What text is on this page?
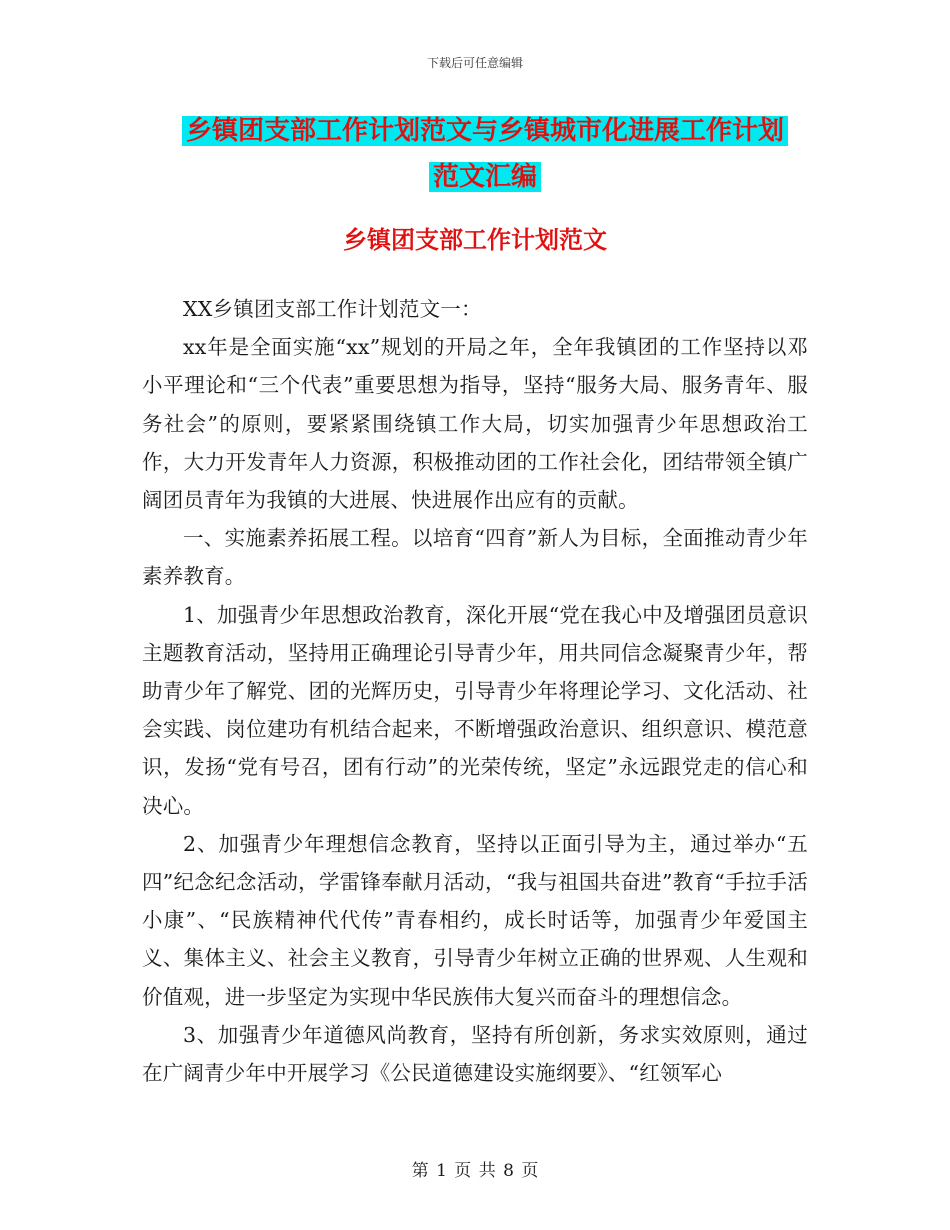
下载后可任意编辑
乡镇团支部工作计划范文与乡镇城市化进展工作计划
范文汇编
乡镇团支部工作计划范文

XX乡镇团支部工作计划范文一：

xx年是全面实施“xx”规划的开局之年，全年我镇团的工作坚持以邓小平理论和“三个代表”重要思想为指导，坚持“服务大局、服务青年、服务社会”的原则，要紧紧围绕镇工作大局，切实加强青少年思想政治工作，大力开发青年人力资源，积极推动团的工作社会化，团结带领全镇广阔团员青年为我镇的大进展、快进展作出应有的贡献。

一、实施素养拓展工程。以培育“四育”新人为目标，全面推动青少年素养教育。

1、加强青少年思想政治教育，深化开展“党在我心中及增强团员意识主题教育活动，坚持用正确理论引导青少年，用共同信念凝聚青少年，帮助青少年了解党、团的光辉历史，引导青少年将理论学习、文化活动、社会实践、岗位建功有机结合起来，不断增强政治意识、组织意识、模范意识，发扬“党有号召，团有行动”的光荣传统，坚定”永远跟党走的信心和决心。

2、加强青少年理想信念教育，坚持以正面引导为主，通过举办“五四”纪念纪念活动，学雷锋奉献月活动，“我与祖国共奋进”教育“手拉手活小康”、“民族精神代代传”青春相约，成长时话等，加强青少年爱国主义、集体主义、社会主义教育，引导青少年树立正确的世界观、人生观和价值观，进一步坚定为实现中华民族伟大复兴而奋斗的理想信念。

3、加强青少年道德风尚教育，坚持有所创新，务求实效原则，通过在广阔青少年中开展学习《公民道德建设实施纲要》、“红领军心

第 1 页 共 8 页
